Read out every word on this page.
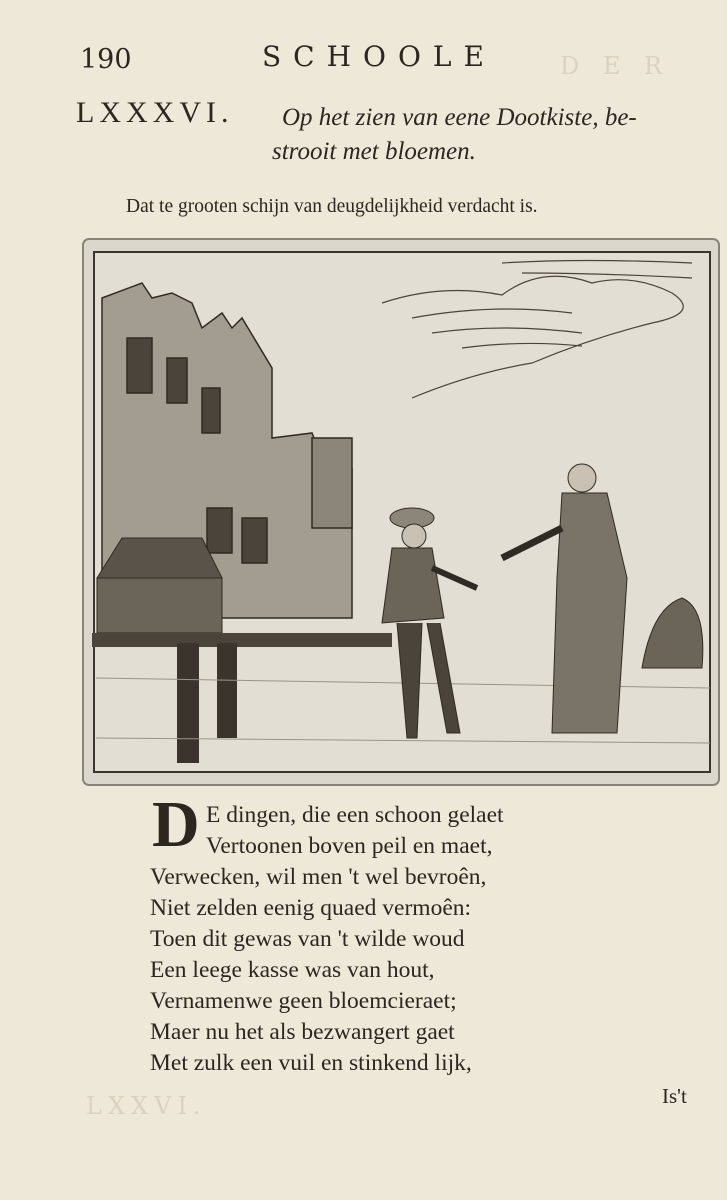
D E R
LXXVI.
190	SCHOOLE
LXXXVI. Op het zien van eene Dootkiste, be-
strooit met bloemen.
Dat te grooten schijn van deugdelijkheid verdacht is.
D E dingen, die een schoon gelaet
Vertoonen boven peil en maet,
Verwecken, wil men 't wel bevroên,
Niet zelden eenig quaed vermoên:
Toen dit gewas van 't wilde woud
Een leege kasse was van hout,
Vernamenwe geen bloemcieraet;
Maer nu het als bezwangert gaet
Met zulk een vuil en stinkend lijk,
Is't
